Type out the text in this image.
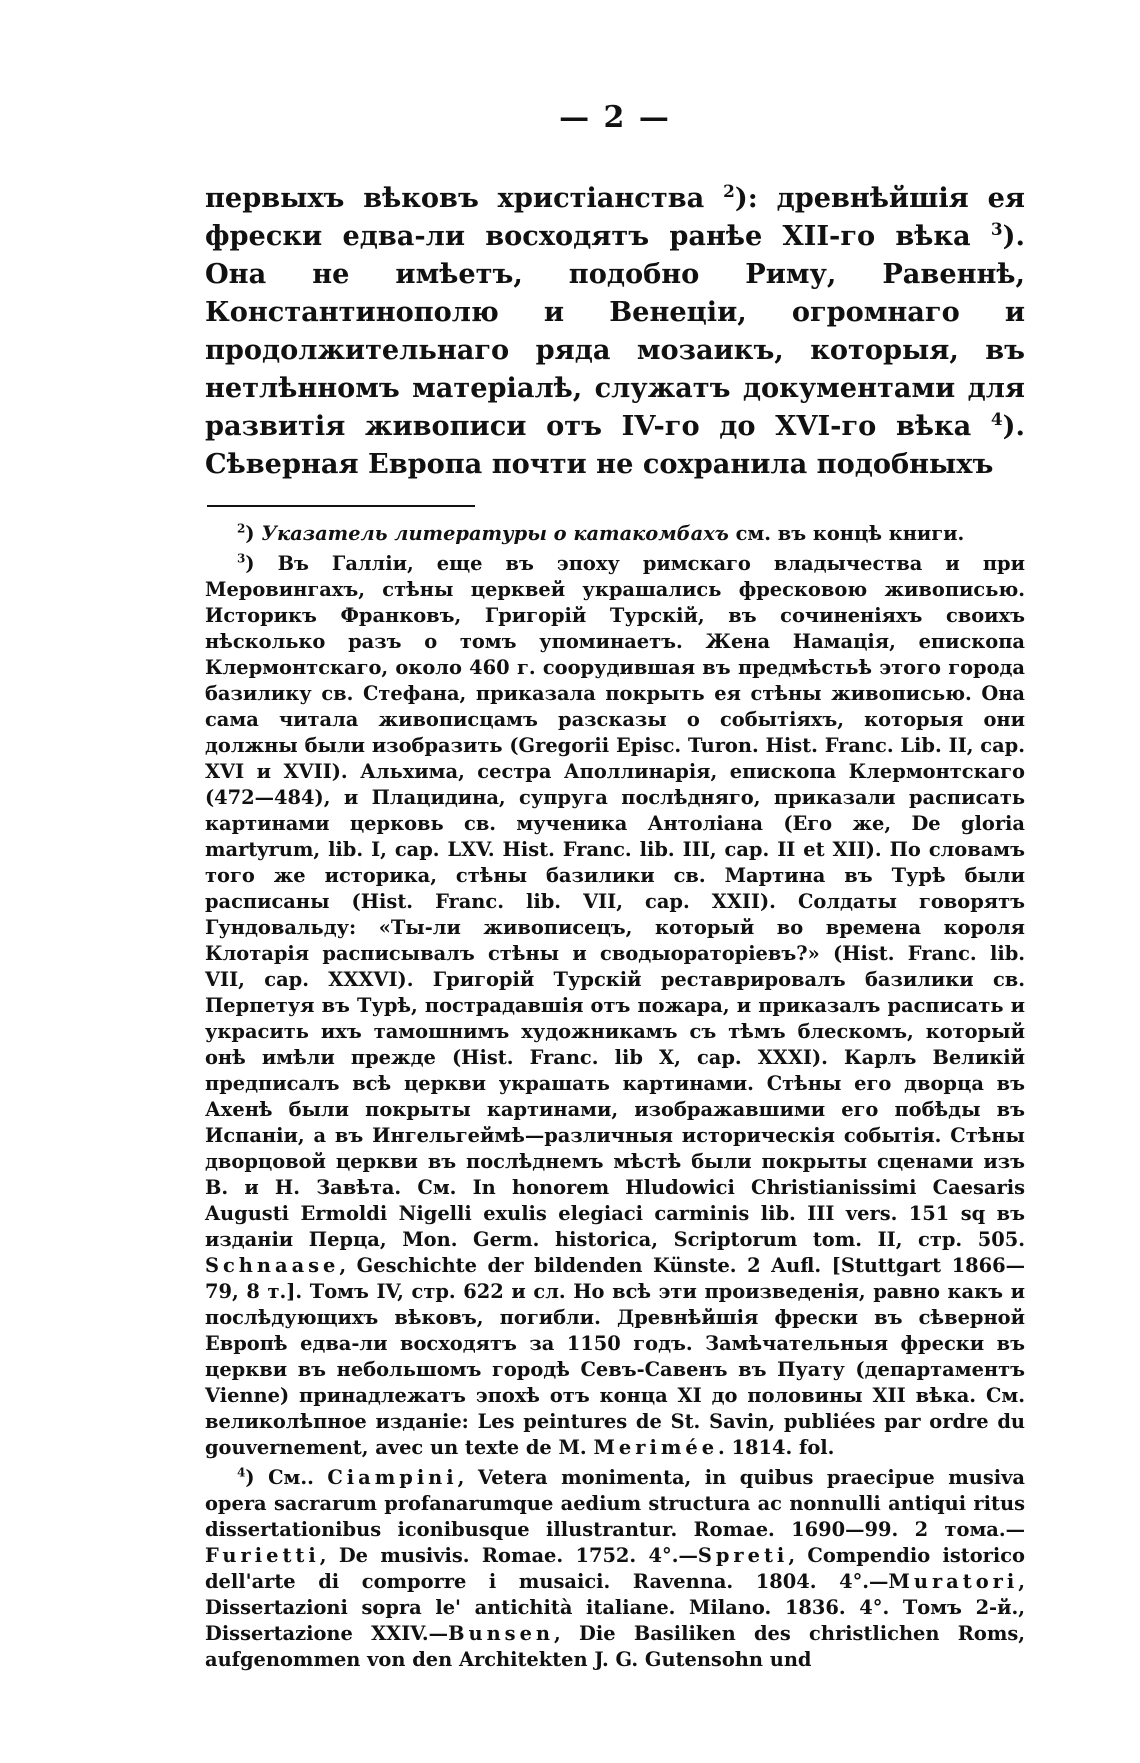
— 2 —

первыхъ вѣковъ христіанства $^2$): древнѣйшія ея фрески едва-ли восходятъ ранѣе XII-го вѣка $^3$). Она не имѣетъ, подобно Риму, Равеннѣ, Константинополю и Венеціи, огромнаго и продолжительнаго ряда мозаикъ, которыя, въ нетлѣнномъ матеріалѣ, служатъ документами для развитія живописи отъ IV-го до XVI-го вѣка $^4$). Сѣверная Европа почти не сохранила подобныхъ

$^2$) Указатель литературы о катакомбахъ см. въ концѣ книги.

$^3$) Въ Галліи, еще въ эпоху римскаго владычества и при Меровингахъ, стѣны церквей украшались фресковою живописью. Историкъ Франковъ, Григорій Турскій, въ сочиненіяхъ своихъ нѣсколько разъ о томъ упоминаетъ. Жена Намація, епископа Клермонтскаго, около 460 г. соорудившая въ предмѣстьѣ этого города базилику св. Стефана, приказала покрыть ея стѣны живописью. Она сама читала живописцамъ разсказы о событіяхъ, которыя они должны были изобразить (Gregorii Episc. Turon. Hist. Franc. Lib. II, cap. XVI и XVII). Альхима, сестра Аполлинарія, епископа Клермонтскаго (472—484), и Плацидина, супруга послѣдняго, приказали расписать картинами церковь св. мученика Антоліана (Его же, De gloria martyrum, lib. I, cap. LXV. Hist. Franc. lib. III, cap. II et XII). По словамъ того же историка, стѣны базилики св. Мартина въ Турѣ были расписаны (Hist. Franc. lib. VII, cap. XXII). Солдаты говорятъ Гундовальду: «Ты-ли живописецъ, который во времена короля Клотарія расписывалъ стѣны и сводыораторіевъ?» (Hist. Franc. lib. VII, cap. XXXVI). Григорій Турскій реставрировалъ базилики св. Перпетуя въ Турѣ, пострадавшія отъ пожара, и приказалъ расписать и украсить ихъ тамошнимъ художникамъ съ тѣмъ блескомъ, который онѣ имѣли прежде (Hist. Franc. lib X, cap. XXXI). Карлъ Великій предписалъ всѣ церкви украшать картинами. Стѣны его дворца въ Ахенѣ были покрыты картинами, изображавшими его побѣды въ Испаніи, а въ Ингельгеймѣ—различныя историческія событія. Стѣны дворцовой церкви въ послѣднемъ мѣстѣ были покрыты сценами изъ В. и Н. Завѣта. См. In honorem Hludowici Christianissimi Caesaris Augusti Ermoldi Nigelli exulis elegiaci carminis lib. III vers. 151 sq въ изданіи Перца, Mon. Germ. historica, Scriptorum tom. II, стр. 505. Schnaase, Geschichte der bildenden Künste. 2 Aufl. [Stuttgart 1866—79, 8 т.]. Томъ IV, стр. 622 и сл. Но всѣ эти произведенія, равно какъ и послѣдующихъ вѣковъ, погибли. Древнѣйшія фрески въ сѣверной Европѣ едва-ли восходятъ за 1150 годъ. Замѣчательныя фрески въ церкви въ небольшомъ городѣ Севъ-Савенъ въ Пуату (департаментъ Vienne) принадлежатъ эпохѣ отъ конца XI до половины XII вѣка. См. великолѣпное изданіе: Les peintures de St. Savin, publiées par ordre du gouvernement, avec un texte de M. Merimée. 1814. fol.

$^4$) См.. Ciampini, Vetera monimenta, in quibus praecipue musiva opera sacrarum profanarumque aedium structura ac nonnulli antiqui ritus dissertationibus iconibusque illustrantur. Romae. 1690—99. 2 тома.—Furietti, De musivis. Romae. 1752. 4°.—Spreti, Compendio istorico dell'arte di comporre i musaici. Ravenna. 1804. 4°.—Muratori, Dissertazioni sopra le' antichità italiane. Milano. 1836. 4°. Томъ 2-й., Dissertazione XXIV.—Bunsen, Die Basiliken des christlichen Roms, aufgenommen von den Architekten J. G. Gutensohn und
